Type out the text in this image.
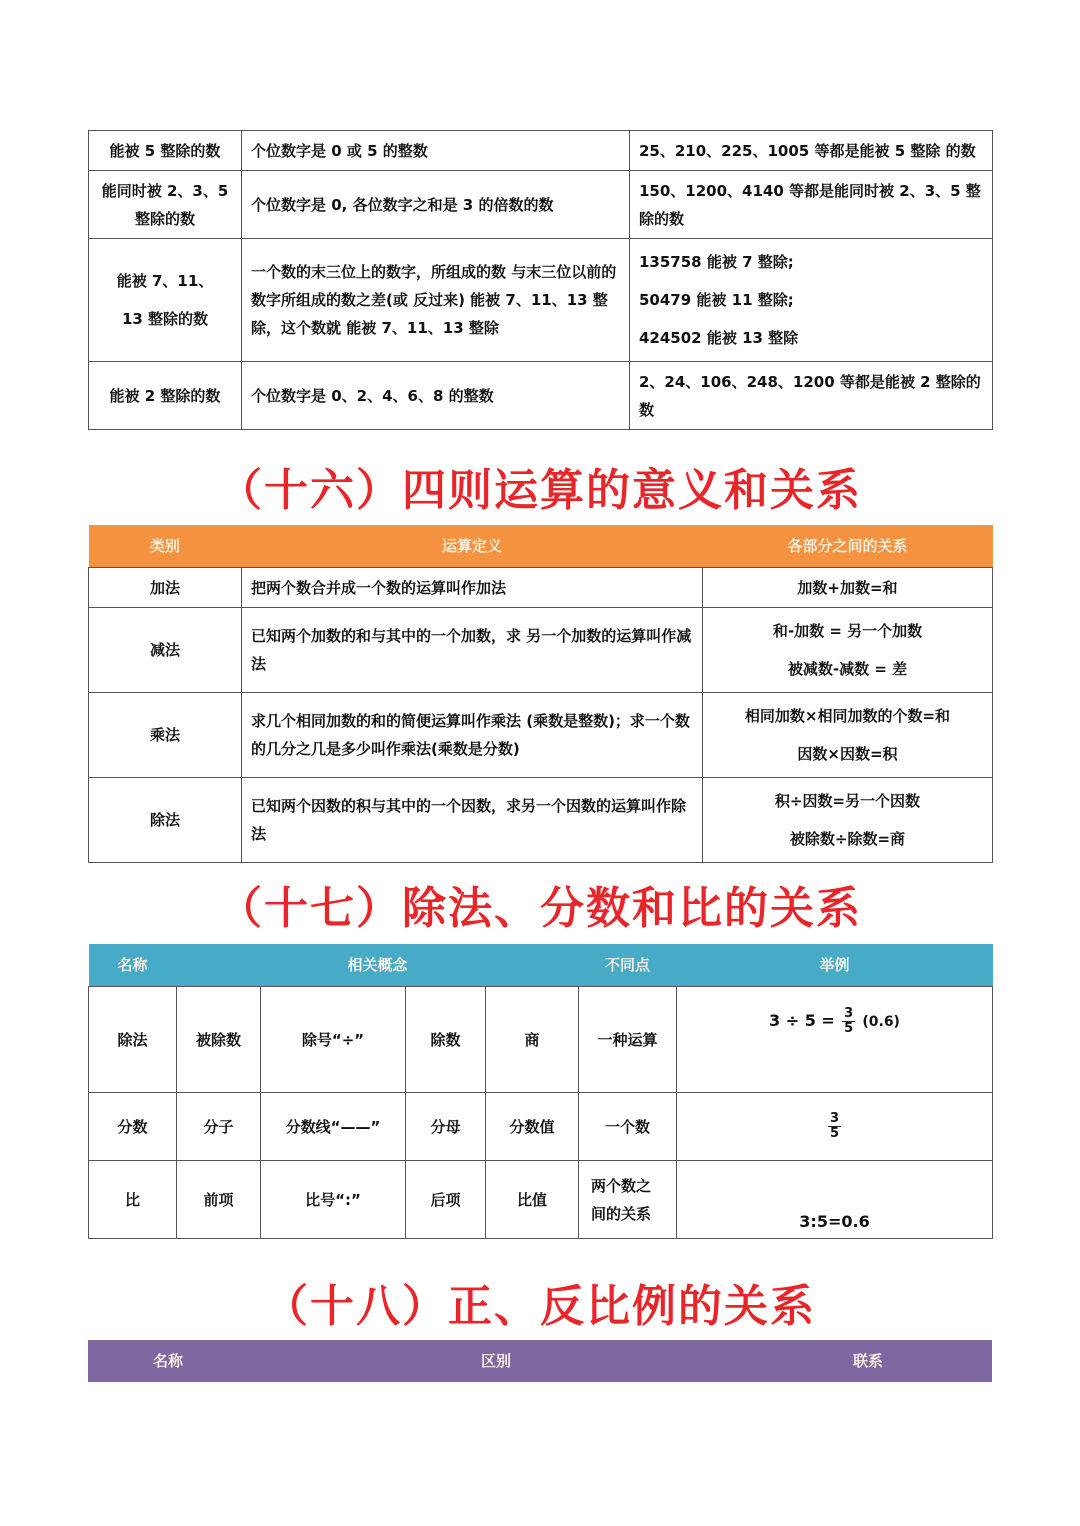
能被 5 整除的数	个位数字是 0 或 5 的整数	25、210、225、1005 等都是能被 5 整除 的数
能同时被 2、3、5 整除的数	个位数字是 0, 各位数字之和是 3 的倍数的数	150、1200、4140 等都是能同时被 2、3、5 整除的数
能被 7、11、13 整除的数	一个数的末三位上的数字，所组成的数 与末三位以前的数字所组成的数之差(或 反过来) 能被 7、11、13 整除，这个数就 能被 7、11、13 整除	135758 能被 7 整除;
50479 能被 11 整除;
424502 能被 13 整除

能被 2 整除的数	个位数字是 0、2、4、6、8 的整数	2、24、106、248、1200 等都是能被 2 整除的数
（十六）四则运算的意义和关系
类别	运算定义	各部分之间的关系
加法	把两个数合并成一个数的运算叫作加法	加数+加数=和

减法	已知两个加数的和与其中的一个加数，求 另一个加数的运算叫作减法	和-加数 = 另一个加数
被减数-减数 = 差

乘法	求几个相同加数的和的简便运算叫作乘法 (乘数是整数)；求一个数的几分之几是多少叫作乘法(乘数是分数)	相同加数×相同加数的个数=和
因数×因数=积

除法	已知两个因数的积与其中的一个因数，求另一个因数的运算叫作除法	积÷因数=另一个因数
被除数÷除数=商
（十七）除法、分数和比的关系
名称	相关概念				不同点	举例
除法	被除数	除号“÷”	除数	商	一种运算	$3 \div 5 = \frac{3}{5} (0.6)$
分数	分子	分数线“——”	分母	分数值	一个数	$\frac{3}{5}$

比	前项	比号“:”	后项	比值	两个数之间的关系	3:5=0.6
（十八）正、反比例的关系
名称	区别	联系
